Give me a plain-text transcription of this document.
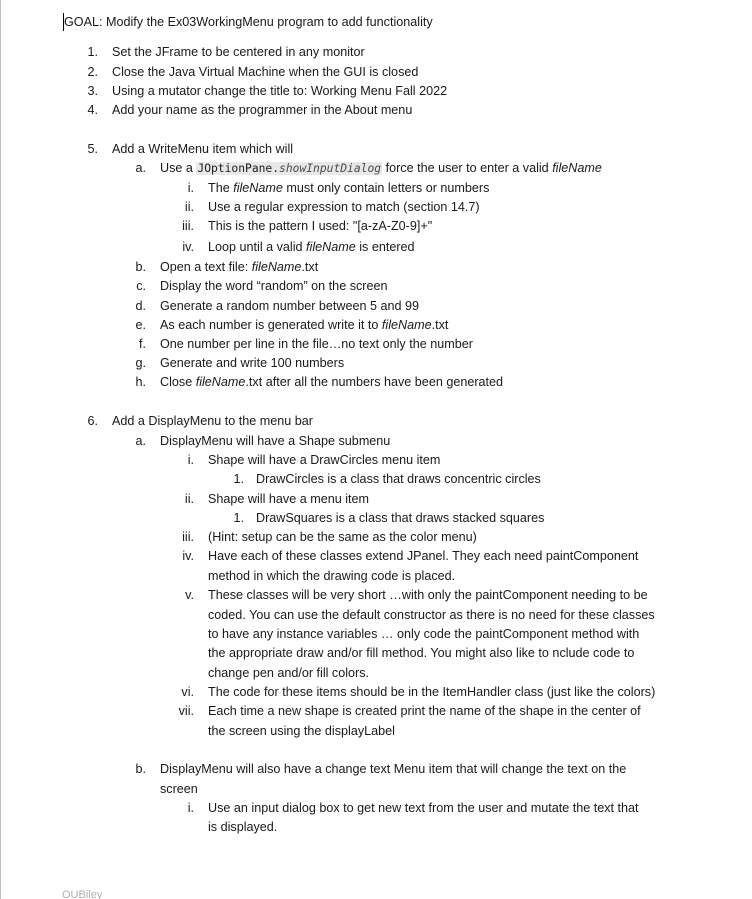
GOAL: Modify the Ex03WorkingMenu program to add functionality
1. Set the JFrame to be centered in any monitor
2. Close the Java Virtual Machine when the GUI is closed
3. Using a mutator change the title to: Working Menu Fall 2022
4. Add your name as the programmer in the About menu
5. Add a WriteMenu item which will
a. Use a JOptionPane.showInputDialog force the user to enter a valid fileName
i. The fileName must only contain letters or numbers
ii. Use a regular expression to match (section 14.7)
iii. This is the pattern I used: "[a-zA-Z0-9]+"
iv. Loop until a valid fileName is entered
b. Open a text file: fileName.txt
c. Display the word “random” on the screen
d. Generate a random number between 5 and 99
e. As each number is generated write it to fileName.txt
f. One number per line in the file…no text only the number
g. Generate and write 100 numbers
h. Close fileName.txt after all the numbers have been generated
6. Add a DisplayMenu to the menu bar
a. DisplayMenu will have a Shape submenu
i. Shape will have a DrawCircles menu item
1. DrawCircles is a class that draws concentric circles
ii. Shape will have a menu item
1. DrawSquares is a class that draws stacked squares
iii. (Hint: setup can be the same as the color menu)
iv. Have each of these classes extend JPanel. They each need paintComponent
method in which the drawing code is placed.
v. These classes will be very short …with only the paintComponent needing to be
coded. You can use the default constructor as there is no need for these classes
to have any instance variables … only code the paintComponent method with
the appropriate draw and/or fill method. You might also like to nclude code to
change pen and/or fill colors.
vi. The code for these items should be in the ItemHandler class (just like the colors)
vii. Each time a new shape is created print the name of the shape in the center of
the screen using the displayLabel
b. DisplayMenu will also have a change text Menu item that will change the text on the
screen
i. Use an input dialog box to get new text from the user and mutate the text that
is displayed.
OUBiley
